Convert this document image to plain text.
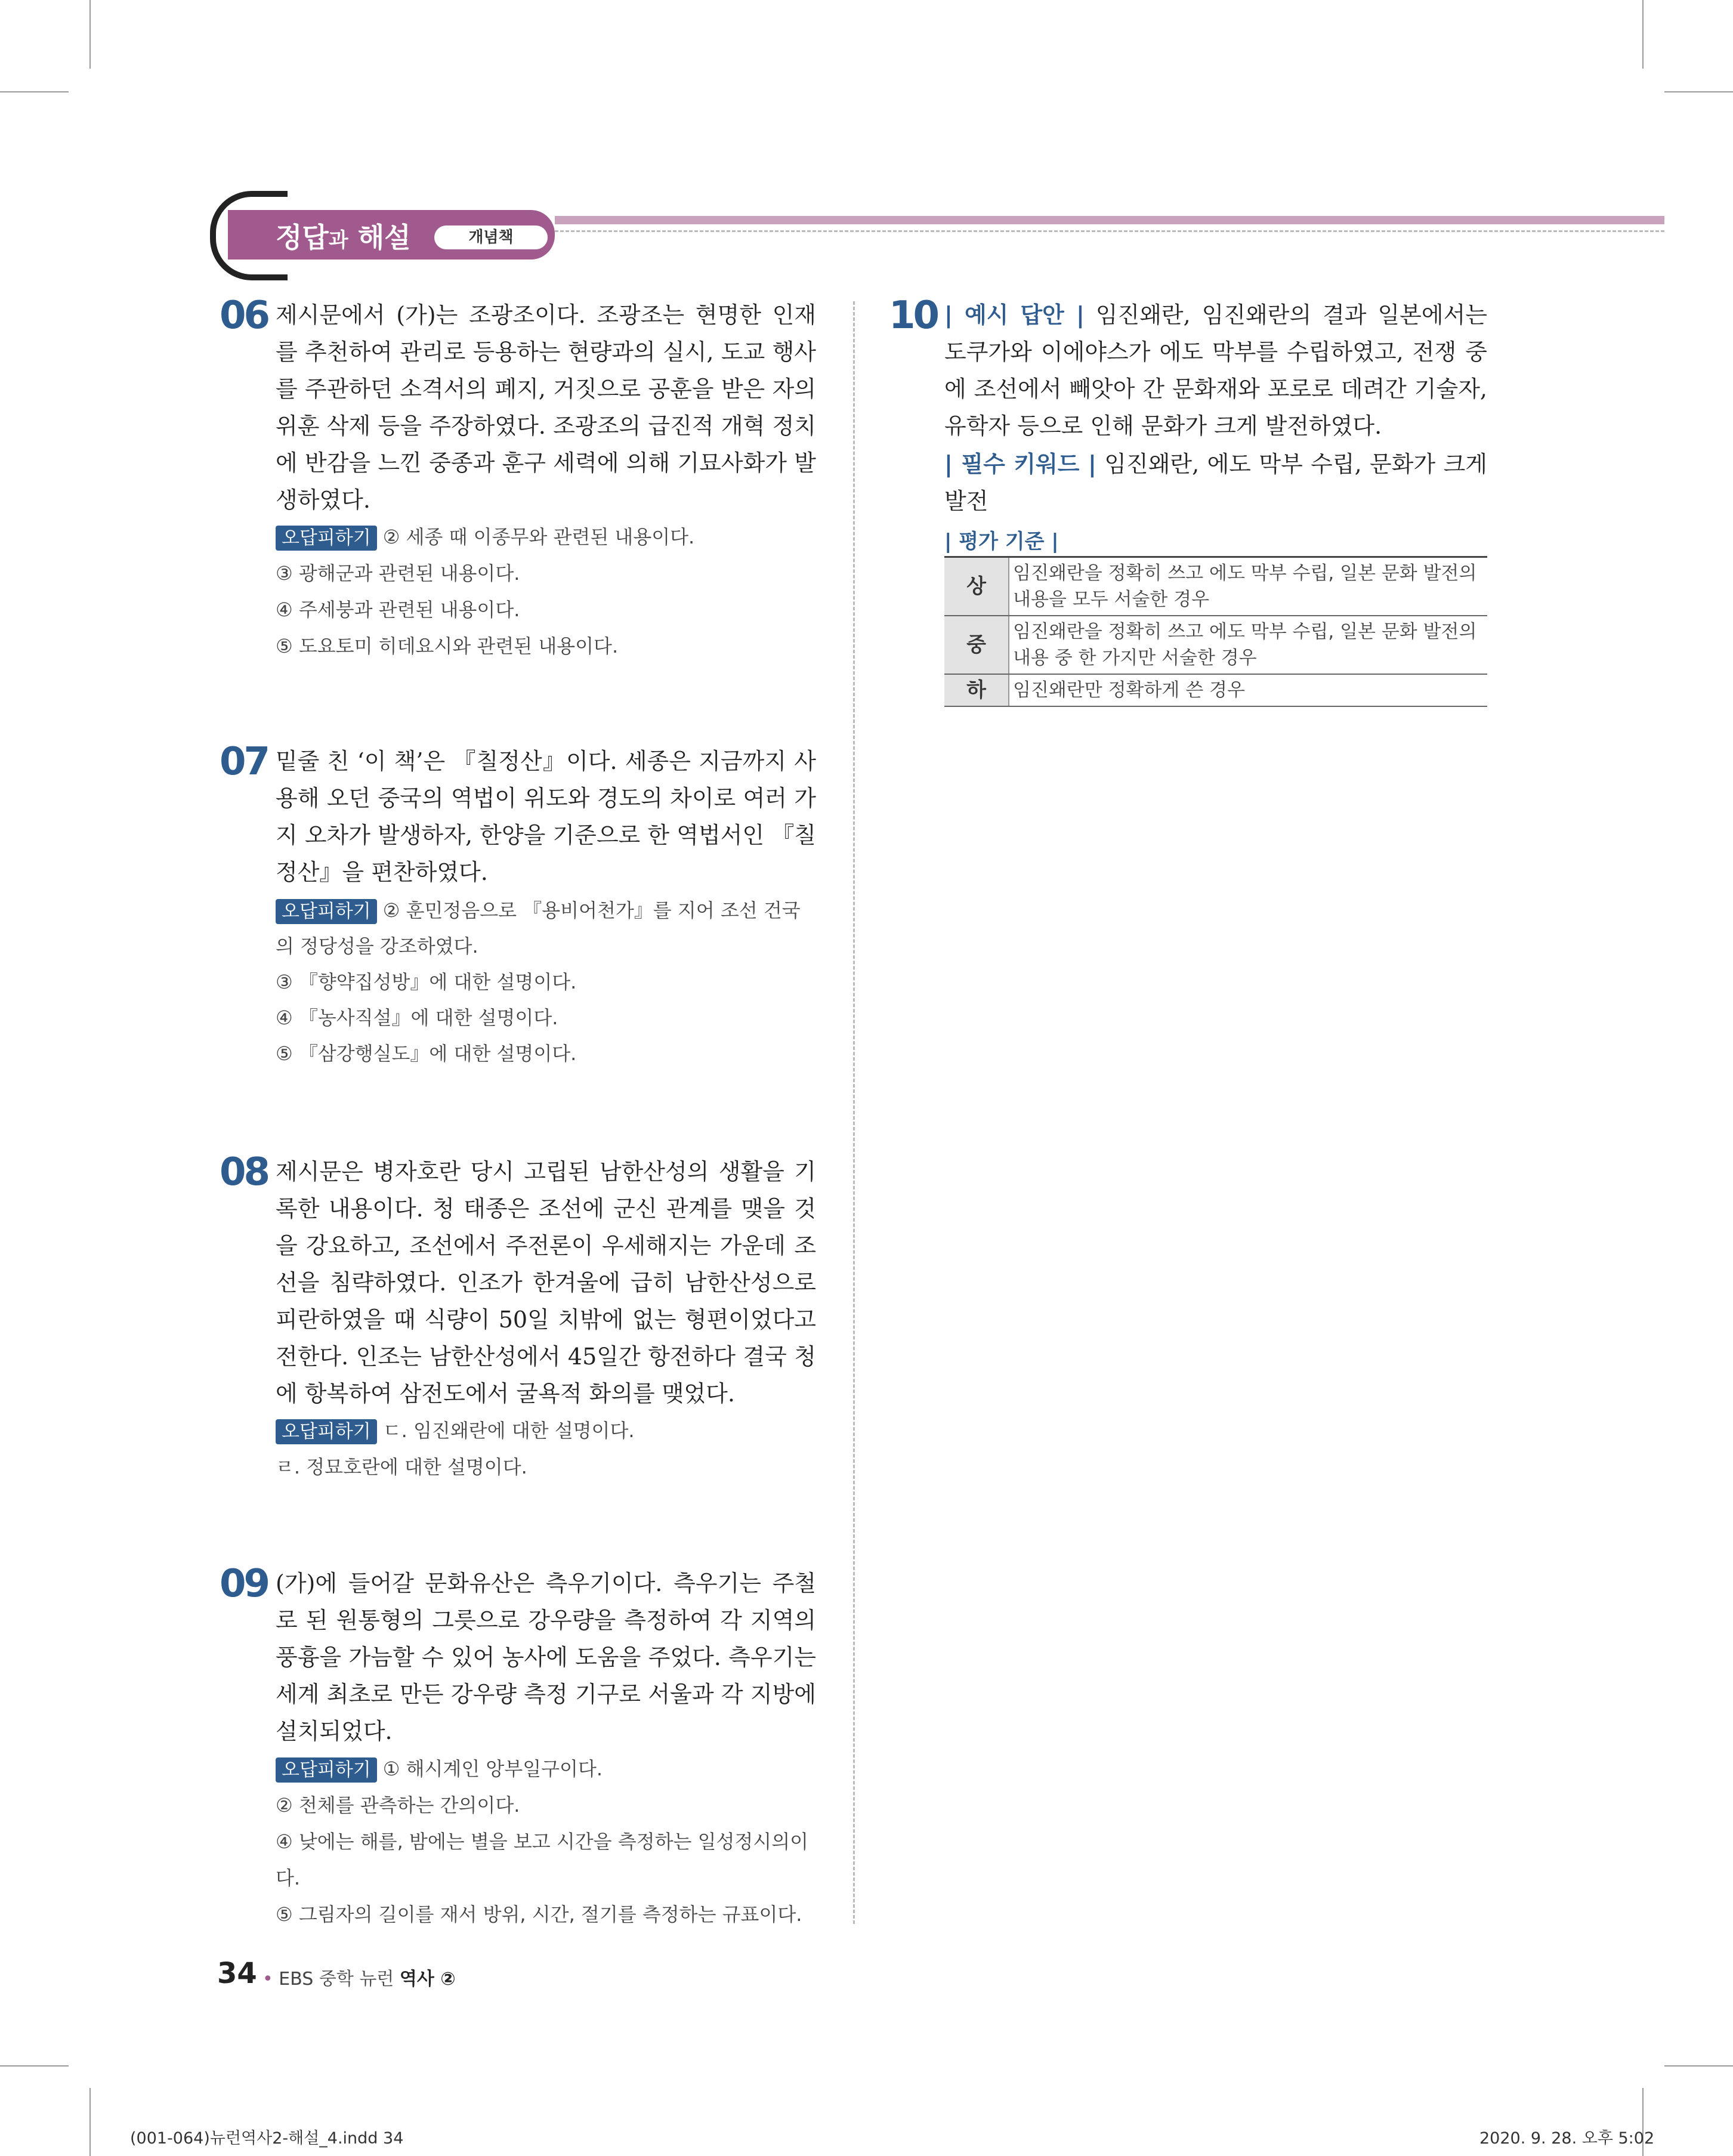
정답과 해설	개념책
06 제시문에서 (가)는 조광조이다. 조광조는 현명한 인재를 추천하여 관리로 등용하는 현량과의 실시, 도교 행사를 주관하던 소격서의 폐지, 거짓으로 공훈을 받은 자의 위훈 삭제 등을 주장하였다. 조광조의 급진적 개혁 정치에 반감을 느낀 중종과 훈구 세력에 의해 기묘사화가 발생하였다.
오답피하기 ② 세종 때 이종무와 관련된 내용이다.
③ 광해군과 관련된 내용이다.
④ 주세붕과 관련된 내용이다.
⑤ 도요토미 히데요시와 관련된 내용이다.
07 밑줄 친 ‘이 책’은 『칠정산』이다. 세종은 지금까지 사용해 오던 중국의 역법이 위도와 경도의 차이로 여러 가지 오차가 발생하자, 한양을 기준으로 한 역법서인 『칠정산』을 편찬하였다.
오답피하기 ② 훈민정음으로 『용비어천가』를 지어 조선 건국의 정당성을 강조하였다.
③ 『향약집성방』에 대한 설명이다.
④ 『농사직설』에 대한 설명이다.
⑤ 『삼강행실도』에 대한 설명이다.
08 제시문은 병자호란 당시 고립된 남한산성의 생활을 기록한 내용이다. 청 태종은 조선에 군신 관계를 맺을 것을 강요하고, 조선에서 주전론이 우세해지는 가운데 조선을 침략하였다. 인조가 한겨울에 급히 남한산성으로 피란하였을 때 식량이 50일 치밖에 없는 형편이었다고 전한다. 인조는 남한산성에서 45일간 항전하다 결국 청에 항복하여 삼전도에서 굴욕적 화의를 맺었다.
오답피하기 ㄷ. 임진왜란에 대한 설명이다.
ㄹ. 정묘호란에 대한 설명이다.
09 (가)에 들어갈 문화유산은 측우기이다. 측우기는 주철로 된 원통형의 그릇으로 강우량을 측정하여 각 지역의 풍흉을 가늠할 수 있어 농사에 도움을 주었다. 측우기는 세계 최초로 만든 강우량 측정 기구로 서울과 각 지방에 설치되었다.
오답피하기 ① 해시계인 앙부일구이다.
② 천체를 관측하는 간의이다.
④ 낮에는 해를, 밤에는 별을 보고 시간을 측정하는 일성정시의이다.
⑤ 그림자의 길이를 재서 방위, 시간, 절기를 측정하는 규표이다.
10 | 예시 답안 | 임진왜란, 임진왜란의 결과 일본에서는 도쿠가와 이에야스가 에도 막부를 수립하였고, 전쟁 중에 조선에서 빼앗아 간 문화재와 포로로 데려간 기술자, 유학자 등으로 인해 문화가 크게 발전하였다.
| 필수 키워드 | 임진왜란, 에도 막부 수립, 문화가 크게 발전
| 평가 기준 |
상	임진왜란을 정확히 쓰고 에도 막부 수립, 일본 문화 발전의 내용을 모두 서술한 경우
중	임진왜란을 정확히 쓰고 에도 막부 수립, 일본 문화 발전의 내용 중 한 가지만 서술한 경우
하	임진왜란만 정확하게 쓴 경우
34 • EBS 중학 뉴런 역사 ②
(001-064)뉴런역사2-해설_4.indd 34	2020. 9. 28. 오후 5:02
